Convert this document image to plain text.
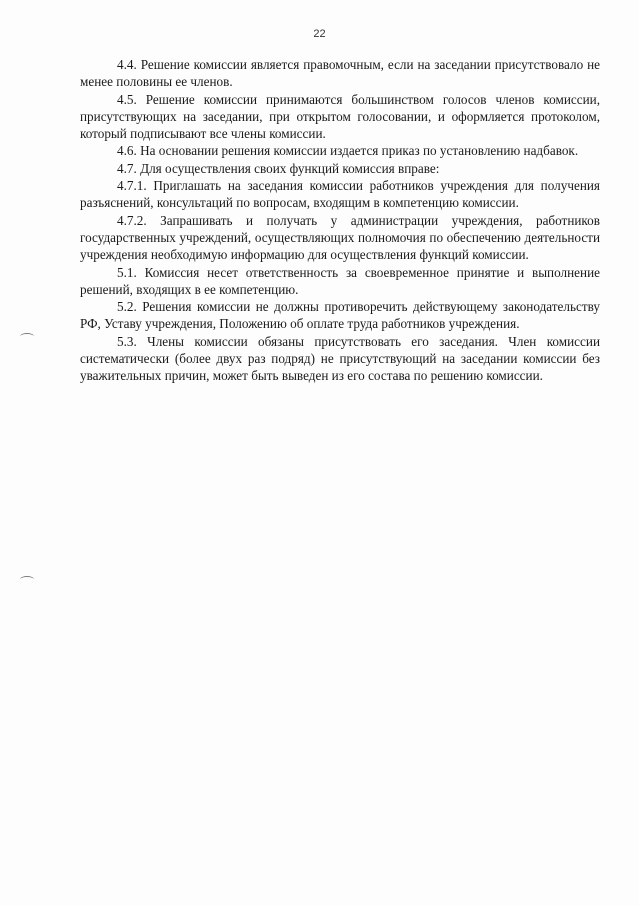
22

4.4. Решение комиссии является правомочным, если на заседании присутствовало не менее половины ее членов.

4.5. Решение комиссии принимаются большинством голосов членов комиссии, присутствующих на заседании, при открытом голосовании, и оформляется протоколом, который подписывают все члены комиссии.

4.6. На основании решения комиссии издается приказ по установлению надбавок.

4.7. Для осуществления своих функций комиссия вправе:

4.7.1. Приглашать на заседания комиссии работников учреждения для получения разъяснений, консультаций по вопросам, входящим в компетенцию комиссии.

4.7.2. Запрашивать и получать у администрации учреждения, работников государственных учреждений, осуществляющих полномочия по обеспечению деятельности учреждения необходимую информацию для осуществления функций комиссии.

5.1. Комиссия несет ответственность за своевременное принятие и выполнение решений, входящих в ее компетенцию.

5.2. Решения комиссии не должны противоречить действующему законодательству РФ, Уставу учреждения, Положению об оплате труда работников учреждения.

5.3. Члены комиссии обязаны присутствовать его заседания. Член комиссии систематически (более двух раз подряд) не присутствующий на заседании комиссии без уважительных причин, может быть выведен из его состава по решению комиссии.
